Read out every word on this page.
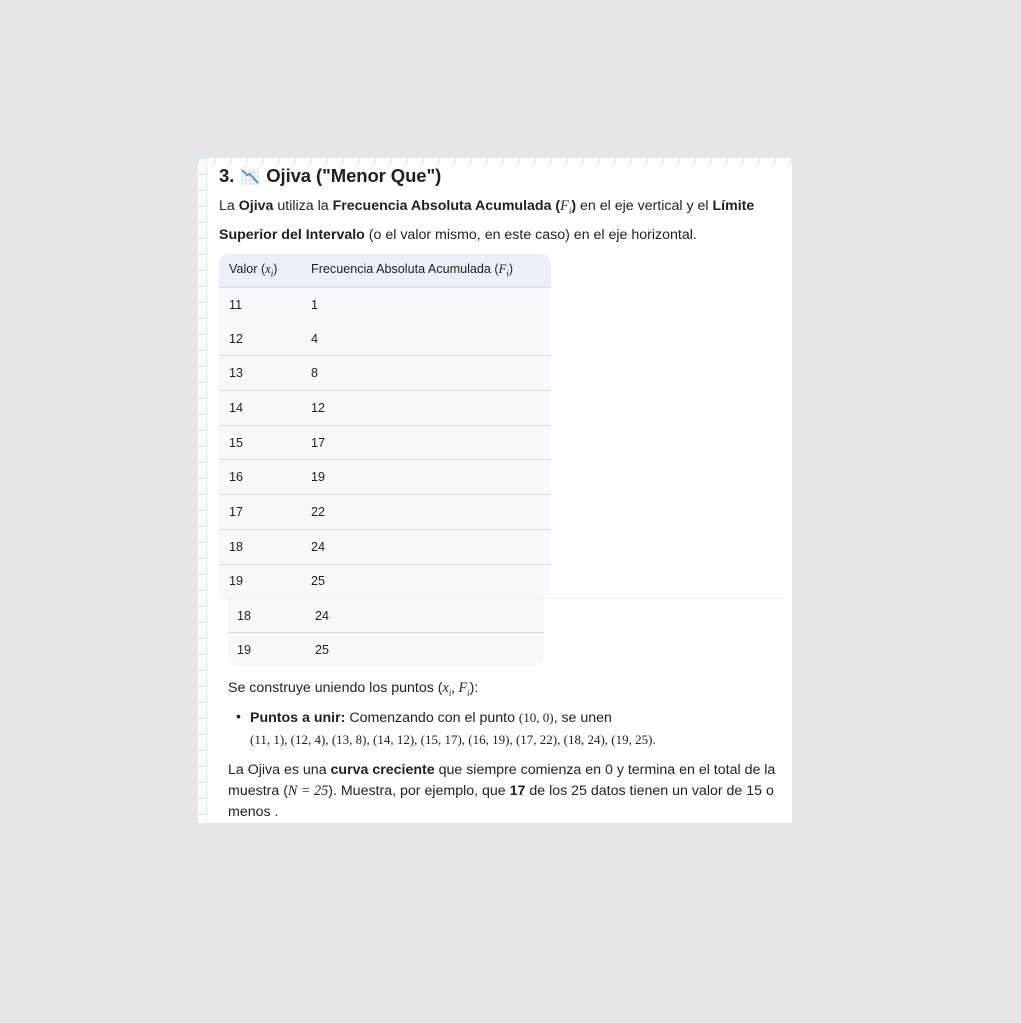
3. Ojiva ("Menor Que")

La Ojiva utiliza la Frecuencia Absoluta Acumulada $(F_i)$ en el eje vertical y el Límite Superior del Intervalo (o el valor mismo, en este caso) en el eje horizontal.

Valor $(x_i)$	Frecuencia Absoluta Acumulada $(F_i)$
11	1
12	4
13	8
14	12
15	17
16	19
17	22
18	24
19	25
18	24
19	25

Se construye uniendo los puntos ($x_i$, $F_i$):

• Puntos a unir: Comenzando con el punto (10, 0), se unen
(11, 1), (12, 4), (13, 8), (14, 12), (15, 17), (16, 19), (17, 22), (18, 24), (19, 25).

La Ojiva es una curva creciente que siempre comienza en 0 y termina en el total de la muestra (N = 25). Muestra, por ejemplo, que 17 de los 25 datos tienen un valor de 15 o menos .
